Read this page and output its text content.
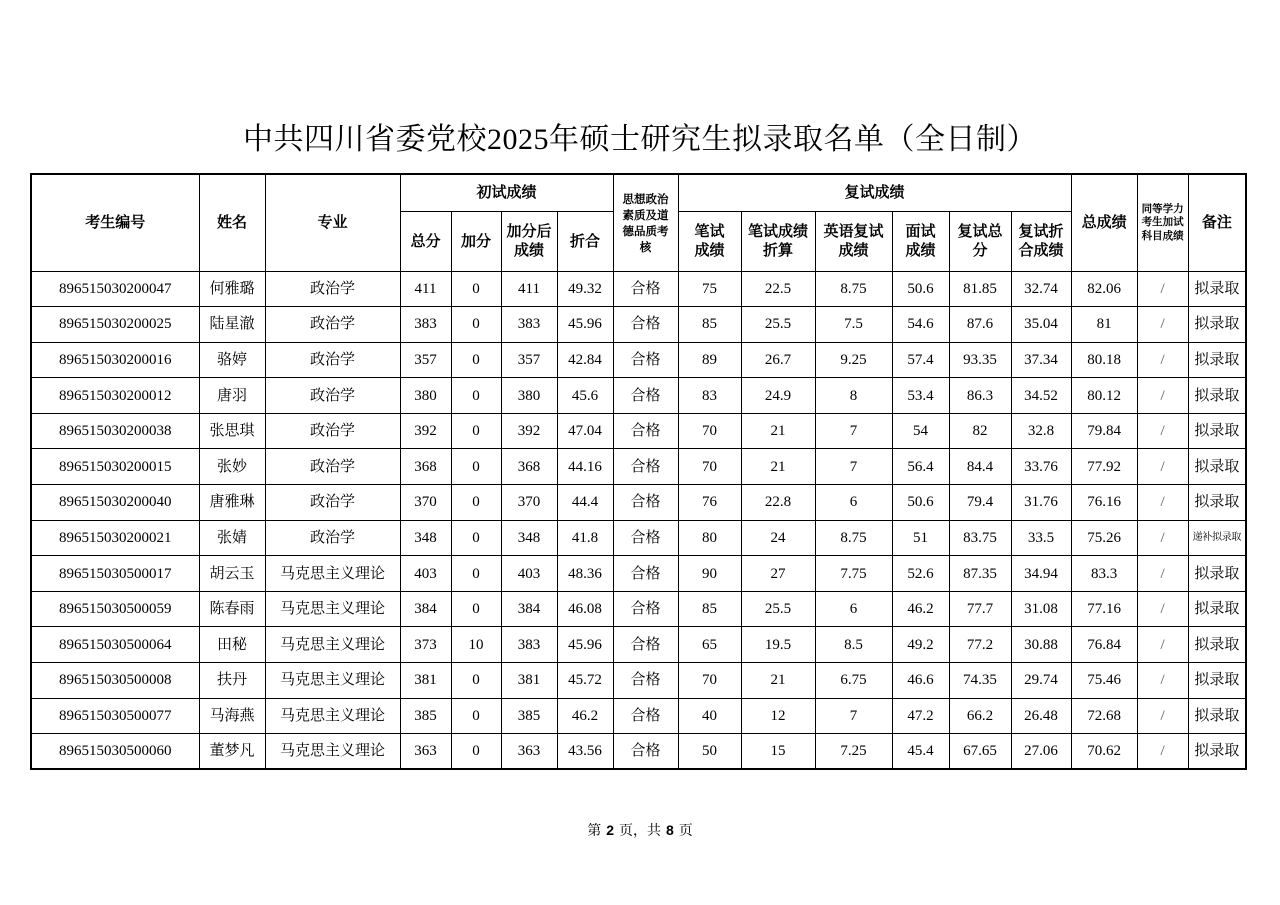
中共四川省委党校2025年硕士研究生拟录取名单（全日制）
考生编号	姓名	专业	初试成绩				思想政治素质及道德品质考核	复试成绩						总成绩	同等学力考生加试科目成绩	备注
			总分	加分	加分后成绩	折合		笔试成绩	笔试成绩折算	英语复试成绩	面试成绩	复试总分	复试折合成绩			
896515030200047	何雅璐	政治学	411	0	411	49.32	合格	75	22.5	8.75	50.6	81.85	32.74	82.06	/	拟录取
896515030200025	陆星澈	政治学	383	0	383	45.96	合格	85	25.5	7.5	54.6	87.6	35.04	81	/	拟录取
896515030200016	骆婷	政治学	357	0	357	42.84	合格	89	26.7	9.25	57.4	93.35	37.34	80.18	/	拟录取
896515030200012	唐羽	政治学	380	0	380	45.6	合格	83	24.9	8	53.4	86.3	34.52	80.12	/	拟录取
896515030200038	张思琪	政治学	392	0	392	47.04	合格	70	21	7	54	82	32.8	79.84	/	拟录取
896515030200015	张妙	政治学	368	0	368	44.16	合格	70	21	7	56.4	84.4	33.76	77.92	/	拟录取
896515030200040	唐雅琳	政治学	370	0	370	44.4	合格	76	22.8	6	50.6	79.4	31.76	76.16	/	拟录取
896515030200021	张婧	政治学	348	0	348	41.8	合格	80	24	8.75	51	83.75	33.5	75.26	/	递补拟录取
896515030500017	胡云玉	马克思主义理论	403	0	403	48.36	合格	90	27	7.75	52.6	87.35	34.94	83.3	/	拟录取
896515030500059	陈春雨	马克思主义理论	384	0	384	46.08	合格	85	25.5	6	46.2	77.7	31.08	77.16	/	拟录取
896515030500064	田秘	马克思主义理论	373	10	383	45.96	合格	65	19.5	8.5	49.2	77.2	30.88	76.84	/	拟录取
896515030500008	扶丹	马克思主义理论	381	0	381	45.72	合格	70	21	6.75	46.6	74.35	29.74	75.46	/	拟录取
896515030500077	马海燕	马克思主义理论	385	0	385	46.2	合格	40	12	7	47.2	66.2	26.48	72.68	/	拟录取
896515030500060	董梦凡	马克思主义理论	363	0	363	43.56	合格	50	15	7.25	45.4	67.65	27.06	70.62	/	拟录取
第 2 页，共 8 页
